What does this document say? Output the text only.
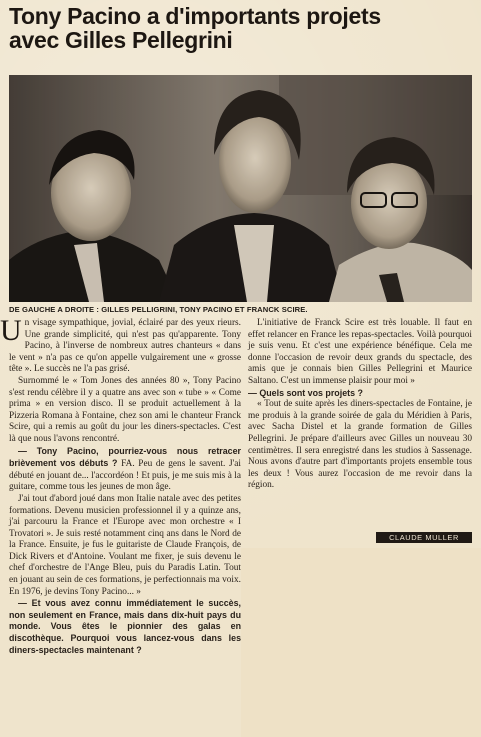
Tony Pacino a d'importants projets
avec Gilles Pellegrini
DE GAUCHE A DROITE : GILLES PELLIGRINI, TONY PACINO ET FRANCK SCIRE.

Un visage sympathique, jovial, éclairé par des yeux rieurs. Une grande simplicité, qui n'est pas qu'apparente. Tony Pacino, à l'inverse de nombreux autres chanteurs « dans le vent » n'a pas ce qu'on appelle vulgairement une « grosse tête ». Le succès ne l'a pas grisé.

Surnommé le « Tom Jones des années 80 », Tony Pacino s'est rendu célèbre il y a quatre ans avec son « tube » « Come prima » en version disco. Il se produit actuellement à la Pizzeria Romana à Fontaine, chez son ami le chanteur Franck Scire, qui a remis au goût du jour les diners-spectacles. C'est là que nous l'avons rencontré.

— Tony Pacino, pourriez-vous nous retracer brièvement vos débuts ? FA. Peu de gens le savent. J'ai débuté en jouant de... l'accordéon ! Et puis, je me suis mis à la guitare, comme tous les jeunes de mon âge.

J'ai tout d'abord joué dans mon Italie natale avec des petites formations. Devenu musicien professionnel il y a quinze ans, j'ai parcouru la France et l'Europe avec mon orchestre « I Trovatori ». Je suis resté notamment cinq ans dans le Nord de la France. Ensuite, je fus le guitariste de Claude François, de Dick Rivers et d'Antoine. Voulant me fixer, je suis devenu le chef d'orchestre de l'Ange Bleu, puis du Paradis Latin. Tout en jouant au sein de ces formations, je perfectionnais ma voix. En 1976, je devins Tony Pacino... »

— Et vous avez connu immédiatement le succès, non seulement en France, mais dans dix-huit pays du monde. Vous êtes le pionnier des galas en discothèque. Pourquoi vous lancez-vous dans les diners-spectacles maintenant ?

L'initiative de Franck Scire est très louable. Il faut en effet relancer en France les repas-spectacles. Voilà pourquoi je suis venu. Et c'est une expérience bénéfique. Cela me donne l'occasion de revoir deux grands du spectacle, des amis que je connais bien Gilles Pellegrini et Maurice Saltano. C'est un immense plaisir pour moi »

— Quels sont vos projets ?

« Tout de suite après les diners-spectacles de Fontaine, je me produis à la grande soirée de gala du Méridien à Paris, avec Sacha Distel et la grande formation de Gilles Pellegrini. Je prépare d'ailleurs avec Gilles un nouveau 30 centimètres. Il sera enregistré dans les studios à Sassenage. Nous avons d'autre part d'importants projets ensemble tous les deux ! Vous aurez l'occasion de me revoir dans la région.

CLAUDE MULLER
